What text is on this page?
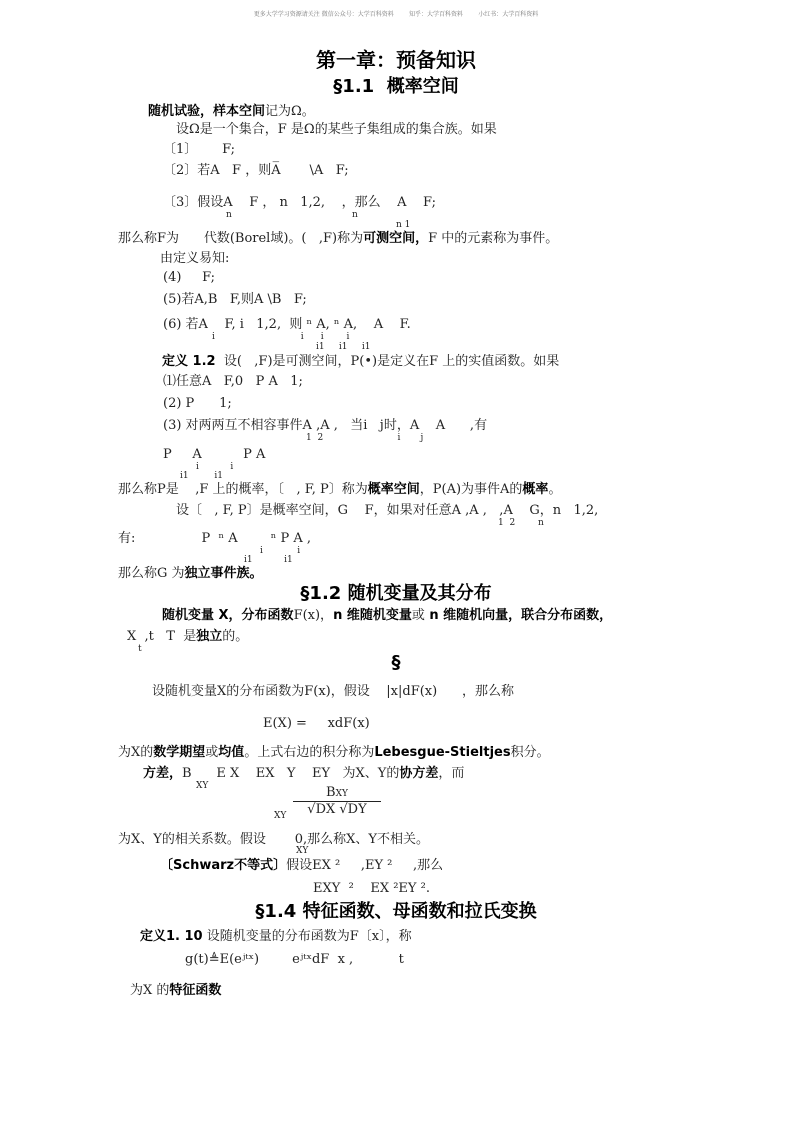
更多大学学习资源请关注 微信公众号：大学百科资料        知乎：大学百科资料        小红书：大学百科资料
第一章：预备知识
§1.1  概率空间
随机试验，样本空间记为Ω。
设Ω是一个集合，F 是Ω的某些子集组成的集合族。如果
〔1〕      F;
〔2〕若A   F ，则A̅       \A   F;
〔3〕假设A    F ， n   1,2,    ，那么    A    F;
n                                          n
n 1
那么称F为      代数(Borel域)。(   ,F)称为可测空间，F 中的元素称为事件。
由定义易知:
(4)     F;
(5)若A,B   F,则A \B   F;
(6) 若A    F, i   1,2,  则 ⁿ A, ⁿ A,    A    F.
i                              i      i        i
i1     i1     i1
定义 1.2  设(   ,F)是可测空间，P(•)是定义在F 上的实值函数。如果
⑴任意A   F,0   P A   1;
(2) P      1;
(3) 对两两互不相容事件A ,A ,   当i   j时，A    A      ,有
1  2                          i       j
P     A          P A
i           i
i1         i1
那么称P是    ,F 上的概率，〔   , F, P〕称为概率空间，P(A)为事件A的概率。
设〔   , F, P〕是概率空间，G    F，如果对任意A ,A ,   ,A    G，n   1,2,
1  2        n
有:                P  ⁿ A        ⁿ P A ,
i            i
i1           i1
那么称G 为独立事件族。
§1.2 随机变量及其分布
随机变量 X，分布函数F(x)，n 维随机变量或 n 维随机向量，联合分布函数，
X  ,t   T  是独立的。
t
§
设随机变量X的分布函数为F(x)，假设    |x|dF(x)      ，那么称
E(X) =     xdF(x)
为X的数学期望或均值。上式右边的积分称为Lebesgue-Stieltjes积分。
方差，B      E X    EX   Y    EY   为X、Y的协方差，而
XY	BXY
√DX √DY
XY
为X、Y的相关系数。假设       0,那么称X、Y不相关。
XY
〔Schwarz不等式〕假设EX ²     ,EY ²     ,那么
EXY  ²    EX ²EY ².
§1.4 特征函数、母函数和拉氏变换
定义1. 10 设随机变量的分布函数为F〔x〕，称
g(t)≜E(eʲᵗˣ)        eʲᵗˣdF  x ,           t
为X 的特征函数
